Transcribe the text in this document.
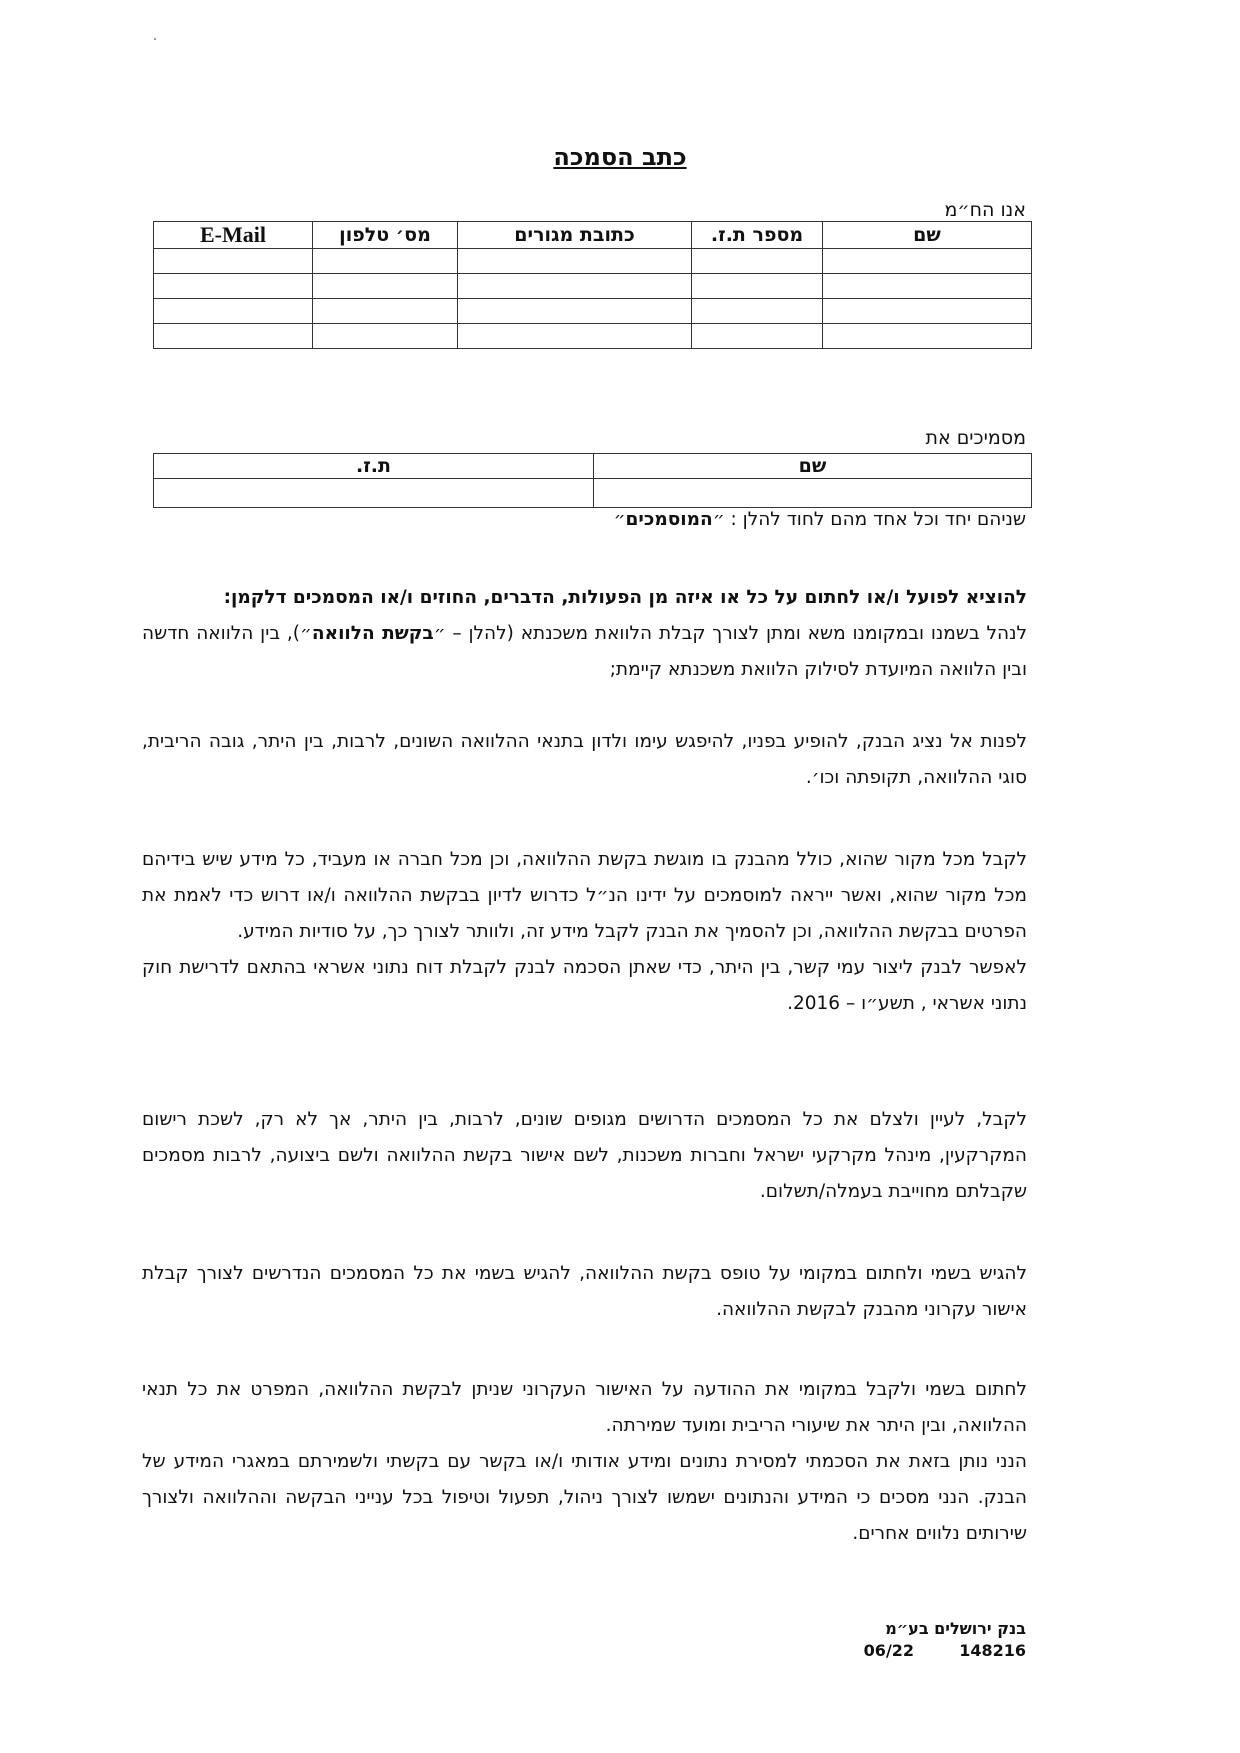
כתב הסמכה
אנו הח״מ
שם	מספר ת.ז.	כתובת מגורים	מס׳ טלפון	E-Mail

מסמיכים את
שם	ת.ז.

שניהם יחד וכל אחד מהם לחוד להלן : ״המוסמכים״

להוציא לפועל ו/או לחתום על כל או איזה מן הפעולות, הדברים, החוזים ו/או המסמכים דלקמן:

לנהל בשמנו ובמקומנו משא ומתן לצורך קבלת הלוואת משכנתא (להלן – ״בקשת הלוואה״), בין הלוואה חדשה ובין הלוואה המיועדת לסילוק הלוואת משכנתא קיימת;

לפנות אל נציג הבנק, להופיע בפניו, להיפגש עימו ולדון בתנאי ההלוואה השונים, לרבות, בין היתר, גובה הריבית, סוגי ההלוואה, תקופתה וכו׳.

לקבל מכל מקור שהוא, כולל מהבנק בו מוגשת בקשת ההלוואה, וכן מכל חברה או מעביד, כל מידע שיש בידיהם מכל מקור שהוא, ואשר ייראה למוסמכים על ידינו הנ״ל כדרוש לדיון בבקשת ההלוואה ו/או דרוש כדי לאמת את הפרטים בבקשת ההלוואה, וכן להסמיך את הבנק לקבל מידע זה, ולוותר לצורך כך, על סודיות המידע.

לאפשר לבנק ליצור עמי קשר, בין היתר, כדי שאתן הסכמה לבנק לקבלת דוח נתוני אשראי בהתאם לדרישת חוק נתוני אשראי , תשע״ו – 2016.

לקבל, לעיין ולצלם את כל המסמכים הדרושים מגופים שונים, לרבות, בין היתר, אך לא רק, לשכת רישום המקרקעין, מינהל מקרקעי ישראל וחברות משכנות, לשם אישור בקשת ההלוואה ולשם ביצועה, לרבות מסמכים שקבלתם מחוייבת בעמלה/תשלום.
להגיש בשמי ולחתום במקומי על טופס בקשת ההלוואה, להגיש בשמי את כל המסמכים הנדרשים לצורך קבלת אישור עקרוני מהבנק לבקשת ההלוואה.

לחתום בשמי ולקבל במקומי את ההודעה על האישור העקרוני שניתן לבקשת ההלוואה, המפרט את כל תנאי ההלוואה, ובין היתר את שיעורי הריבית ומועד שמירתה.

הנני נותן בזאת את הסכמתי למסירת נתונים ומידע אודותי ו/או בקשר עם בקשתי ולשמירתם במאגרי המידע של הבנק. הנני מסכים כי המידע והנתונים ישמשו לצורך ניהול, תפעול וטיפול בכל ענייני הבקשה וההלוואה ולצורך שירותים נלווים אחרים.

בנק ירושלים בע״מ
06/22	148216
